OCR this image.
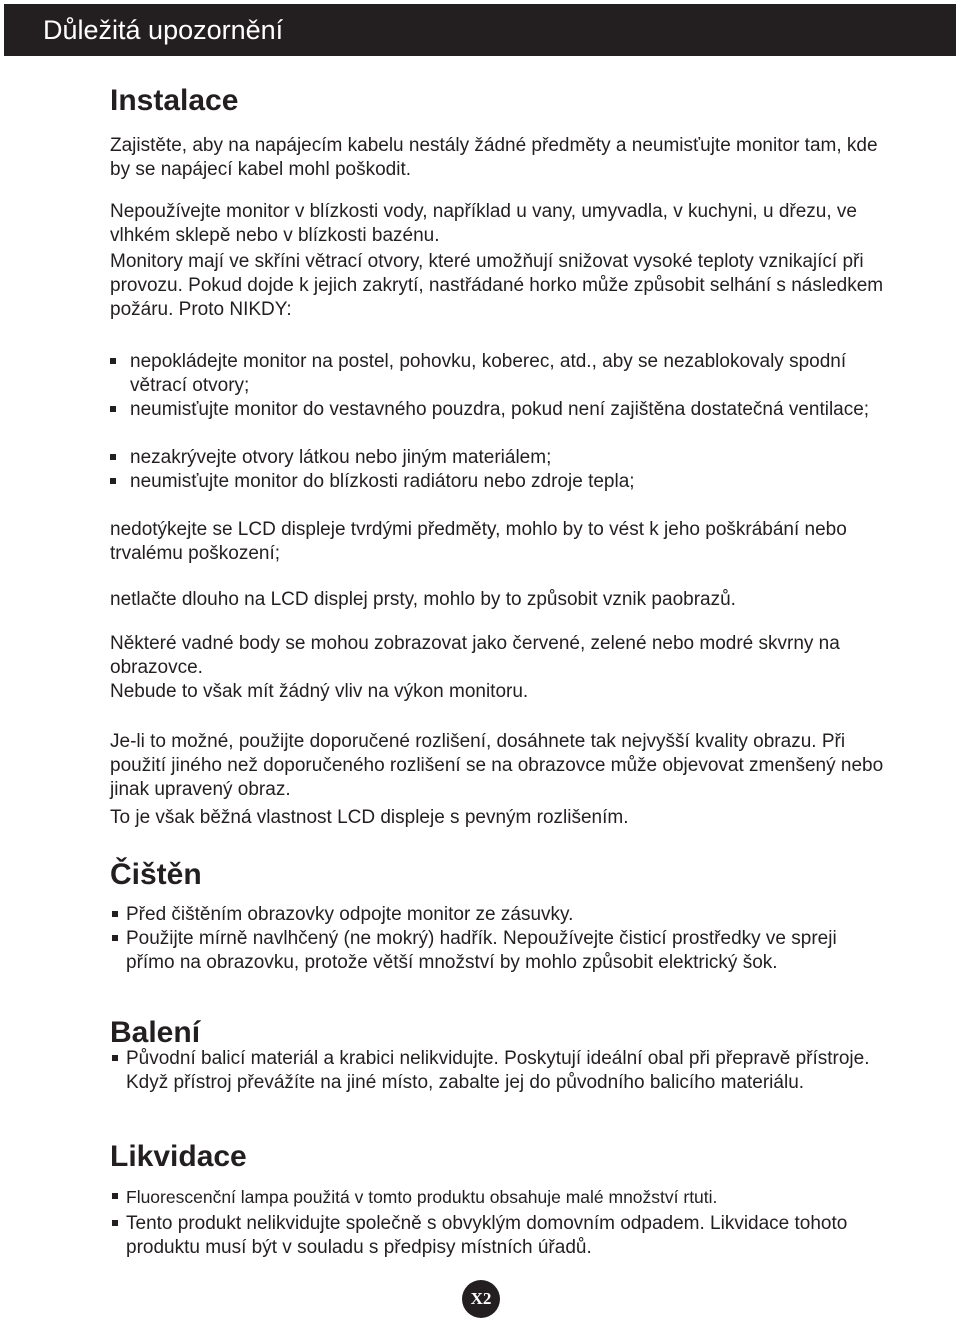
Důležitá upozornění
Instalace

Zajistěte, aby na napájecím kabelu nestály žádné předměty a neumisťujte monitor tam, kde by se napájecí kabel mohl poškodit.

Nepoužívejte monitor v blízkosti vody, například u vany, umyvadla, v kuchyni, u dřezu, ve vlhkém sklepě nebo v blízkosti bazénu.

Monitory mají ve skříni větrací otvory, které umožňují snižovat vysoké teploty vznikající při provozu. Pokud dojde k jejich zakrytí, nastřádané horko může způsobit selhání s následkem požáru. Proto NIKDY:

nepokládejte monitor na postel, pohovku, koberec, atd., aby se nezablokovaly spodní větrací otvory;

neumisťujte monitor do vestavného pouzdra, pokud není zajištěna dostatečná ventilace;

nezakrývejte otvory látkou nebo jiným materiálem;

neumisťujte monitor do blízkosti radiátoru nebo zdroje tepla;

nedotýkejte se LCD displeje tvrdými předměty, mohlo by to vést k jeho poškrábání nebo trvalému poškození;

netlačte dlouho na LCD displej prsty, mohlo by to způsobit vznik paobrazů.

Některé vadné body se mohou zobrazovat jako červené, zelené nebo modré skvrny na obrazovce.

Nebude to však mít žádný vliv na výkon monitoru.

Je-li to možné, použijte doporučené rozlišení, dosáhnete tak nejvyšší kvality obrazu. Při použití jiného než doporučeného rozlišení se na obrazovce může objevovat zmenšený nebo jinak upravený obraz.

To je však běžná vlastnost LCD displeje s pevným rozlišením.

Čištěn

Před čištěním obrazovky odpojte monitor ze zásuvky.

Použijte mírně navlhčený (ne mokrý) hadřík. Nepoužívejte čisticí prostředky ve spreji přímo na obrazovku, protože větší množství by mohlo způsobit elektrický šok.

Balení

Původní balicí materiál a krabici nelikvidujte. Poskytují ideální obal při přepravě přístroje. Když přístroj převážíte na jiné místo, zabalte jej do původního balicího materiálu.

Likvidace

Fluorescenční lampa použitá v tomto produktu obsahuje malé množství rtuti.

Tento produkt nelikvidujte společně s obvyklým domovním odpadem. Likvidace tohoto produktu musí být v souladu s předpisy místních úřadů.

X2
